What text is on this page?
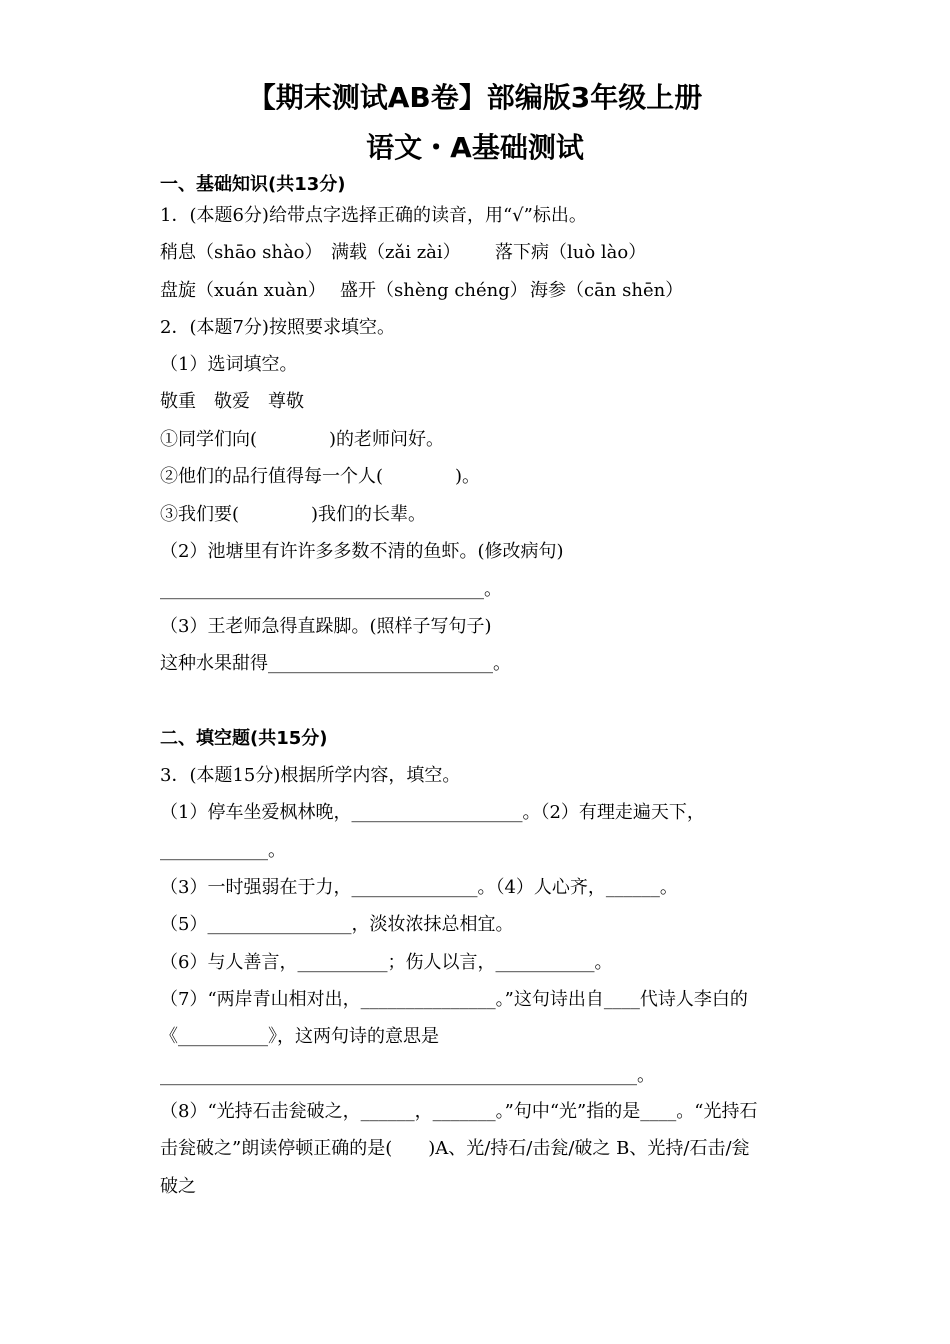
【期末测试AB卷】部编版3年级上册
语文・A基础测试
一、基础知识(共13分)
1．(本题6分)给带点字选择正确的读音，用“√”标出。
稍息（shāo shào） 满载（zǎi zài） 落下病（luò lào）
盘旋（xuán xuàn） 盛开（shèng chéng） 海参（cān shēn）
2．(本题7分)按照要求填空。
（1）选词填空。
敬重　敬爱　尊敬
①同学们向(　　　　)的老师问好。
②他们的品行值得每一个人(　　　　)。
③我们要(　　　　)我们的长辈。
（2）池塘里有许许多多数不清的鱼虾。(修改病句)
____________________________________。
（3）王老师急得直跺脚。(照样子写句子)
这种水果甜得_________________________。
二、填空题(共15分)
3．(本题15分)根据所学内容，填空。
（1）停车坐爱枫林晚，___________________。（2）有理走遍天下，
____________。
（3）一时强弱在于力，______________。（4）人心齐，______。
（5）________________，淡妆浓抹总相宜。
（6）与人善言，__________；伤人以言，___________。
（7）“两岸青山相对出，_______________。”这句诗出自____代诗人李白的
《__________》，这两句诗的意思是
_____________________________________________________。
（8）“光持石击瓮破之，______，_______。”句中“光”指的是____。“光持石
击瓮破之”朗读停顿正确的是(　　)A、光/持石/击瓮/破之 B、光持/石击/瓮
破之
